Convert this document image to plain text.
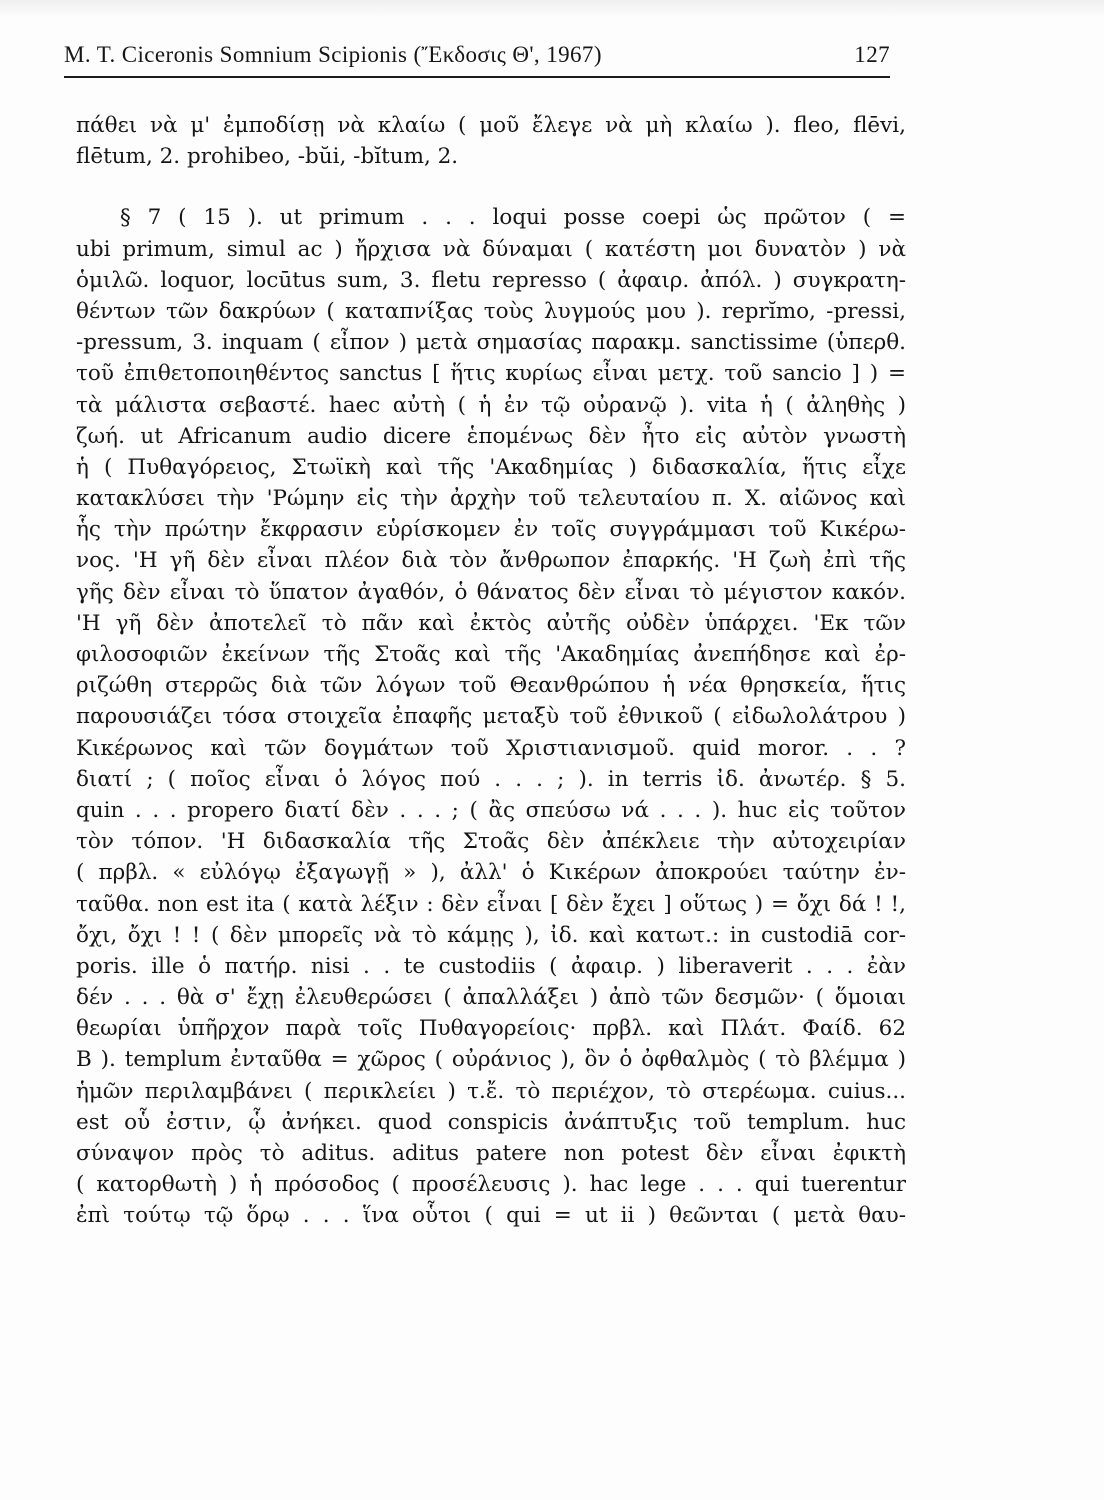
M. T. Ciceronis Somnium Scipionis (Ἔκδοσις Θ', 1967)	127
πάθει νὰ μ' ἐμποδίσῃ νὰ κλαίω ( μοῦ ἔλεγε νὰ μὴ κλαίω ). fleo, flēvi,
flētum, 2. prohibeo, -bŭi, -bĭtum, 2.
§ 7 ( 15 ). ut primum . . . loqui posse coepi ὡς πρῶτον ( =
ubi primum, simul ac ) ἤρχισα νὰ δύναμαι ( κατέστη μοι δυνατὸν ) νὰ
ὁμιλῶ. loquor, locūtus sum, 3. fletu represso ( ἀφαιρ. ἀπόλ. ) συγκρατη-
θέντων τῶν δακρύων ( καταπνίξας τοὺς λυγμούς μου ). reprĭmo, -pressi,
-pressum, 3. inquam ( εἶπον ) μετὰ σημασίας παρακμ. sanctissime (ὑπερθ.
τοῦ ἐπιθετοποιηθέντος sanctus [ ἥτις κυρίως εἶναι μετχ. τοῦ sancio ] ) =
τὰ μάλιστα σεβαστέ. haec αὐτὴ ( ἡ ἐν τῷ οὐρανῷ ). vita ἡ ( ἀληθὴς )
ζωή. ut Africanum audio dicere ἑπομένως δὲν ἦτο εἰς αὐτὸν γνωστὴ
ἡ ( Πυθαγόρειος, Στωϊκὴ καὶ τῆς 'Ακαδημίας ) διδασκαλία, ἥτις εἶχε
κατακλύσει τὴν 'Ρώμην εἰς τὴν ἀρχὴν τοῦ τελευταίου π. Χ. αἰῶνος καὶ
ἧς τὴν πρώτην ἔκφρασιν εὑρίσκομεν ἐν τοῖς συγγράμμασι τοῦ Κικέρω-
νος. 'Η γῆ δὲν εἶναι πλέον διὰ τὸν ἄνθρωπον ἐπαρκής. 'Η ζωὴ ἐπὶ τῆς
γῆς δὲν εἶναι τὸ ὕπατον ἀγαθόν, ὁ θάνατος δὲν εἶναι τὸ μέγιστον κακόν.
'Η γῆ δὲν ἀποτελεῖ τὸ πᾶν καὶ ἐκτὸς αὐτῆς οὐδὲν ὑπάρχει. 'Εκ τῶν
φιλοσοφιῶν ἐκείνων τῆς Στοᾶς καὶ τῆς 'Ακαδημίας ἀνεπήδησε καὶ ἐρ-
ριζώθη στερρῶς διὰ τῶν λόγων τοῦ Θεανθρώπου ἡ νέα θρησκεία, ἥτις
παρουσιάζει τόσα στοιχεῖα ἐπαφῆς μεταξὺ τοῦ ἐθνικοῦ ( εἰδωλολάτρου )
Κικέρωνος καὶ τῶν δογμάτων τοῦ Χριστιανισμοῦ. quid moror. . . ?
διατί ; ( ποῖος εἶναι ὁ λόγος πού . . . ; ). in terris ἰδ. ἀνωτέρ. § 5.
quin . . . propero διατί δὲν . . . ; ( ἂς σπεύσω νά . . . ). huc εἰς τοῦτον
τὸν τόπον. 'Η διδασκαλία τῆς Στοᾶς δὲν ἀπέκλειε τὴν αὐτοχειρίαν
( πρβλ. « εὐλόγῳ ἐξαγωγῇ » ), ἀλλ' ὁ Κικέρων ἀποκρούει ταύτην ἐν-
ταῦθα. non est ita ( κατὰ λέξιν : δὲν εἶναι [ δὲν ἔχει ] οὕτως ) = ὄχι δά ! !,
ὄχι, ὄχι ! ! ( δὲν μπορεῖς νὰ τὸ κάμῃς ), ἰδ. καὶ κατωτ.: in custodiā cor-
poris. ille ὁ πατήρ. nisi . . te custodiis ( ἀφαιρ. ) liberaverit . . . ἐὰν
δέν . . . θὰ σ' ἔχῃ ἐλευθερώσει ( ἀπαλλάξει ) ἀπὸ τῶν δεσμῶν· ( ὅμοιαι
θεωρίαι ὑπῆρχον παρὰ τοῖς Πυθαγορείοις· πρβλ. καὶ Πλάτ. Φαίδ. 62
Β ). templum ἐνταῦθα = χῶρος ( οὐράνιος ), ὃν ὁ ὀφθαλμὸς ( τὸ βλέμμα )
ἡμῶν περιλαμβάνει ( περικλείει ) τ.ἔ. τὸ περιέχον, τὸ στερέωμα. cuius...
est οὗ ἐστιν, ᾧ ἀνήκει. quod conspicis ἀνάπτυξις τοῦ templum. huc
σύναψον πρὸς τὸ aditus. aditus patere non potest δὲν εἶναι ἐφικτὴ
( κατορθωτὴ ) ἡ πρόσοδος ( προσέλευσις ). hac lege . . . qui tuerentur
ἐπὶ τούτῳ τῷ ὅρῳ . . . ἵνα οὗτοι ( qui = ut ii ) θεῶνται ( μετὰ θαυ-
